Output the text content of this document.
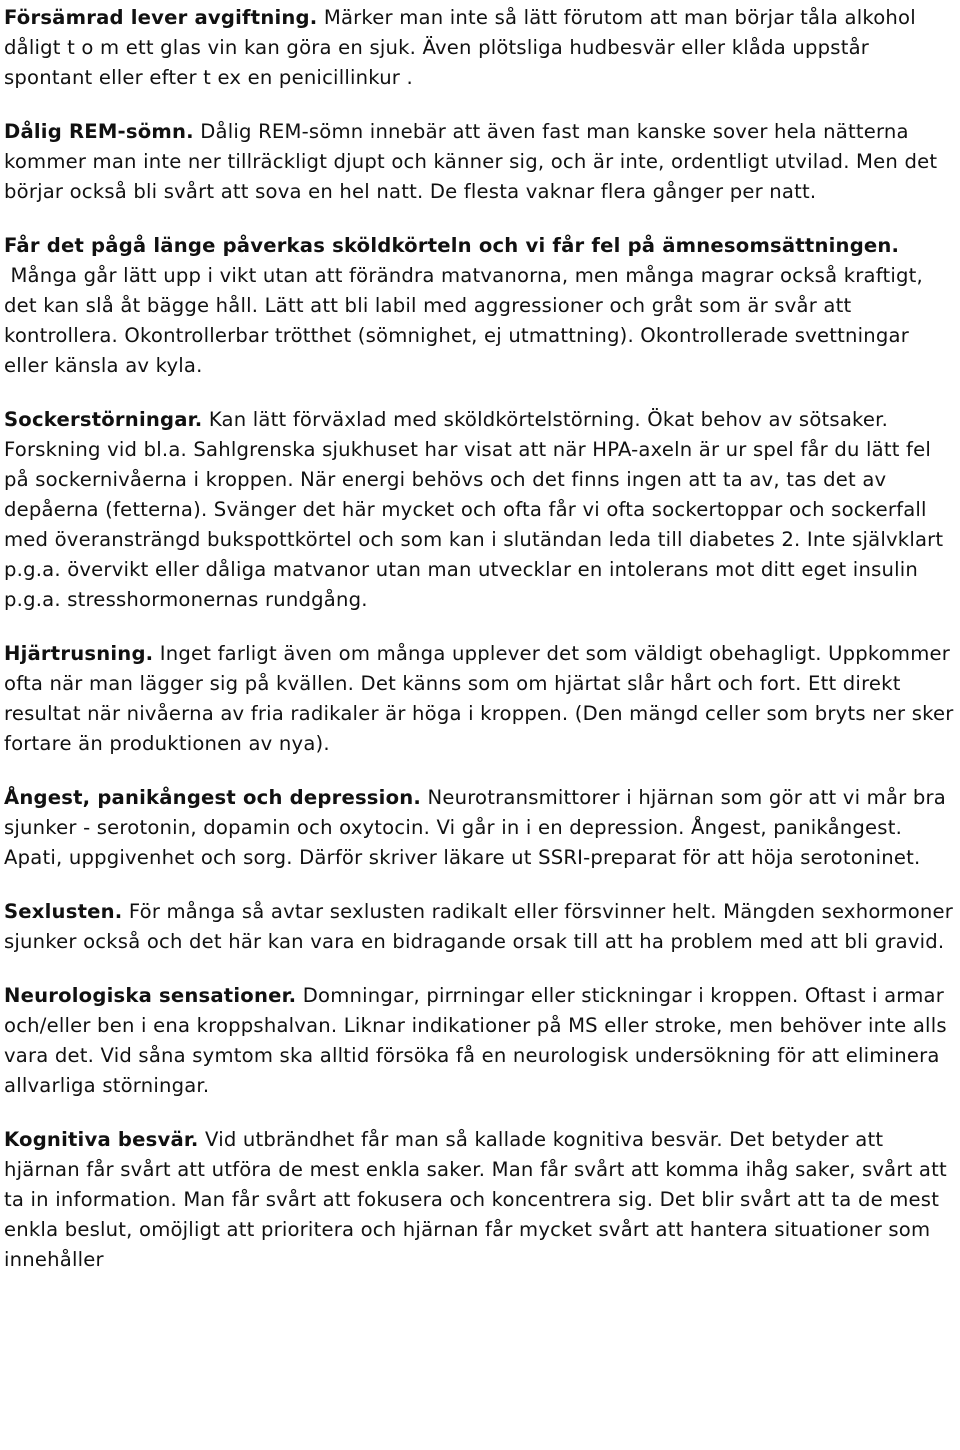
Försämrad lever avgiftning. Märker man inte så lätt förutom att man börjar tåla alkohol dåligt t o m ett glas vin kan göra en sjuk. Även plötsliga hudbesvär eller klåda uppstår spontant eller efter t ex en penicillinkur .

Dålig REM-sömn. Dålig REM-sömn innebär att även fast man kanske sover hela nätterna kommer man inte ner tillräckligt djupt och känner sig, och är inte, ordentligt utvilad. Men det börjar också bli svårt att sova en hel natt. De flesta vaknar flera gånger per natt.

Får det pågå länge påverkas sköldkörteln och vi får fel på ämnesomsättningen. Många går lätt upp i vikt utan att förändra matvanorna, men många magrar också kraftigt, det kan slå åt bägge håll. Lätt att bli labil med aggressioner och gråt som är svår att kontrollera. Okontrollerbar trötthet (sömnighet, ej utmattning). Okontrollerade svettningar eller känsla av kyla.

Sockerstörningar. Kan lätt förväxlad med sköldkörtelstörning. Ökat behov av sötsaker. Forskning vid bl.a. Sahlgrenska sjukhuset har visat att när HPA-axeln är ur spel får du lätt fel på sockernivåerna i kroppen. När energi behövs och det finns ingen att ta av, tas det av depåerna (fetterna). Svänger det här mycket och ofta får vi ofta sockertoppar och sockerfall med överansträngd bukspottkörtel och som kan i slutändan leda till diabetes 2. Inte självklart p.g.a. övervikt eller dåliga matvanor utan man utvecklar en intolerans mot ditt eget insulin p.g.a. stresshormonernas rundgång.

Hjärtrusning. Inget farligt även om många upplever det som väldigt obehagligt. Uppkommer ofta när man lägger sig på kvällen. Det känns som om hjärtat slår hårt och fort. Ett direkt resultat när nivåerna av fria radikaler är höga i kroppen. (Den mängd celler som bryts ner sker fortare än produktionen av nya).

Ångest, panikångest och depression. Neurotransmittorer i hjärnan som gör att vi mår bra sjunker - serotonin, dopamin och oxytocin. Vi går in i en depression. Ångest, panikångest. Apati, uppgivenhet och sorg. Därför skriver läkare ut SSRI-preparat för att höja serotoninet.

Sexlusten. För många så avtar sexlusten radikalt eller försvinner helt. Mängden sexhormoner sjunker också och det här kan vara en bidragande orsak till att ha problem med att bli gravid.

Neurologiska sensationer. Domningar, pirrningar eller stickningar i kroppen. Oftast i armar och/eller ben i ena kroppshalvan. Liknar indikationer på MS eller stroke, men behöver inte alls vara det. Vid såna symtom ska alltid försöka få en neurologisk undersökning för att eliminera allvarliga störningar.

Kognitiva besvär. Vid utbrändhet får man så kallade kognitiva besvär. Det betyder att hjärnan får svårt att utföra de mest enkla saker. Man får svårt att komma ihåg saker, svårt att ta in information. Man får svårt att fokusera och koncentrera sig. Det blir svårt att ta de mest enkla beslut, omöjligt att prioritera och hjärnan får mycket svårt att hantera situationer som innehåller
